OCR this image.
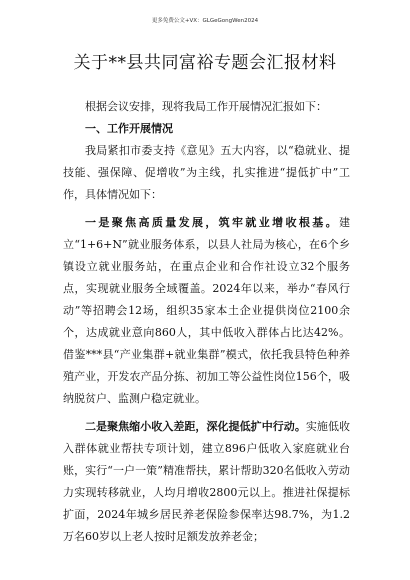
更多免费公文+VX：GLGeGongWen2024
关于**县共同富裕专题会汇报材料

根据会议安排，现将我局工作开展情况汇报如下：

一、工作开展情况

我局紧扣市委支持《意见》五大内容，以“稳就业、提技能、强保障、促增收”为主线，扎实推进“提低扩中”工作，具体情况如下：

一是聚焦高质量发展，筑牢就业增收根基。建立“1+6+N”就业服务体系，以县人社局为核心，在6个乡镇设立就业服务站，在重点企业和合作社设立32个服务点，实现就业服务全域覆盖。2024年以来，举办“春风行动”等招聘会12场，组织35家本土企业提供岗位2100余个，达成就业意向860人，其中低收入群体占比达42%。借鉴***县“产业集群+就业集群”模式，依托我县特色种养殖产业，开发农产品分拣、初加工等公益性岗位156个，吸纳脱贫户、监测户稳定就业。

二是聚焦缩小收入差距，深化提低扩中行动。实施低收入群体就业帮扶专项计划，建立896户低收入家庭就业台账，实行“一户一策”精准帮扶，累计帮助320名低收入劳动力实现转移就业，人均月增收2800元以上。推进社保提标扩面，2024年城乡居民养老保险参保率达98.7%，为1.2万名60岁以上老人按时足额发放养老金；
